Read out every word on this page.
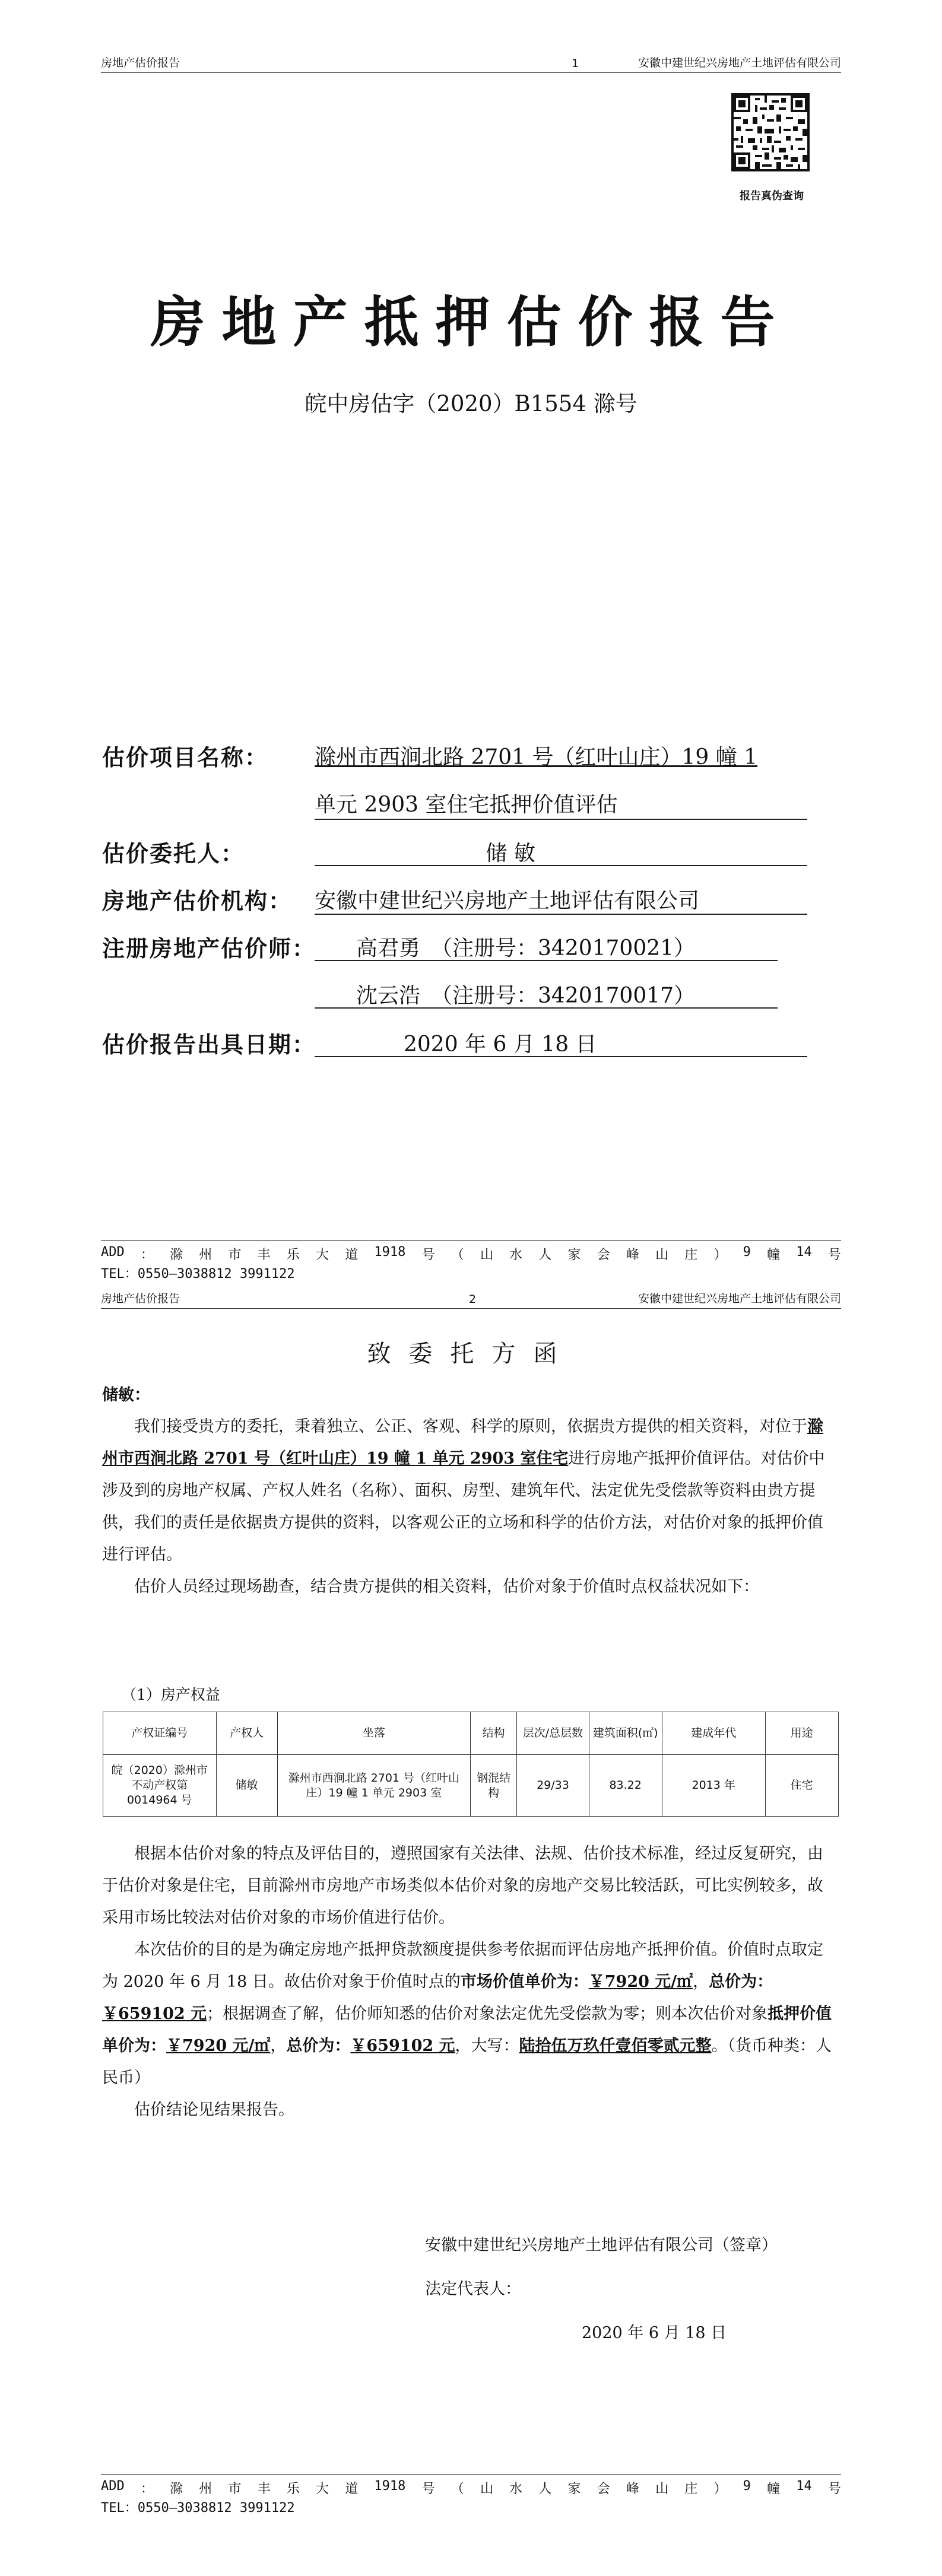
房地产估价报告	1	安徽中建世纪兴房地产土地评估有限公司
报告真伪查询
房地产抵押估价报告
皖中房估字（2020）B1554 滁号
估价项目名称： 滁州市西涧北路 2701 号（红叶山庄）19 幢 1
单元 2903 室住宅抵押价值评估
估价委托人：	储 敏
房地产估价机构： 安徽中建世纪兴房地产土地评估有限公司
注册房地产估价师：	高君勇　（注册号：3420170021）
沈云浩　（注册号：3420170017）
估价报告出具日期：	2020 年 6 月 18 日
ADD ： 滁 州 市 丰 乐 大 道 1918 号 （ 山 水 人 家 会 峰 山 庄 ） 9 幢 14 号
TEL：0550—3038812 3991122
房地产估价报告	2	安徽中建世纪兴房地产土地评估有限公司
致委托方函
储敏：

我们接受贵方的委托，秉着独立、公正、客观、科学的原则，依据贵方提供的相关资料，对位于滁州市西涧北路 2701 号（红叶山庄）19 幢 1 单元 2903 室住宅进行房地产抵押价值评估。对估价中涉及到的房地产权属、产权人姓名（名称）、面积、房型、建筑年代、法定优先受偿款等资料由贵方提供，我们的责任是依据贵方提供的资料，以客观公正的立场和科学的估价方法，对估价对象的抵押价值进行评估。

估价人员经过现场勘查，结合贵方提供的相关资料，估价对象于价值时点权益状况如下：

（1）房产权益
产权证编号	产权人	坐落	结构	层次/总层数	建筑面积(㎡)	建成年代	用途
皖（2020）滁州市不动产权第 0014964 号	储敏	滁州市西涧北路 2701 号（红叶山庄）19 幢 1 单元 2903 室	钢混结构	29/33	83.22	2013 年	住宅

根据本估价对象的特点及评估目的，遵照国家有关法律、法规、估价技术标准，经过反复研究，由于估价对象是住宅，目前滁州市房地产市场类似本估价对象的房地产交易比较活跃，可比实例较多，故采用市场比较法对估价对象的市场价值进行估价。

本次估价的目的是为确定房地产抵押贷款额度提供参考依据而评估房地产抵押价值。价值时点取定为 2020 年 6 月 18 日。故估价对象于价值时点的市场价值单价为：￥7920 元/㎡，总价为：￥659102 元；根据调查了解，估价师知悉的估价对象法定优先受偿款为零；则本次估价对象抵押价值单价为：￥7920 元/㎡，总价为：￥659102 元，大写：陆拾伍万玖仟壹佰零贰元整。（货币种类：人民币）

估价结论见结果报告。

安徽中建世纪兴房地产土地评估有限公司（签章）
法定代表人：
2020 年 6 月 18 日
ADD ： 滁 州 市 丰 乐 大 道 1918 号 （ 山 水 人 家 会 峰 山 庄 ） 9 幢 14 号
TEL：0550—3038812 3991122
